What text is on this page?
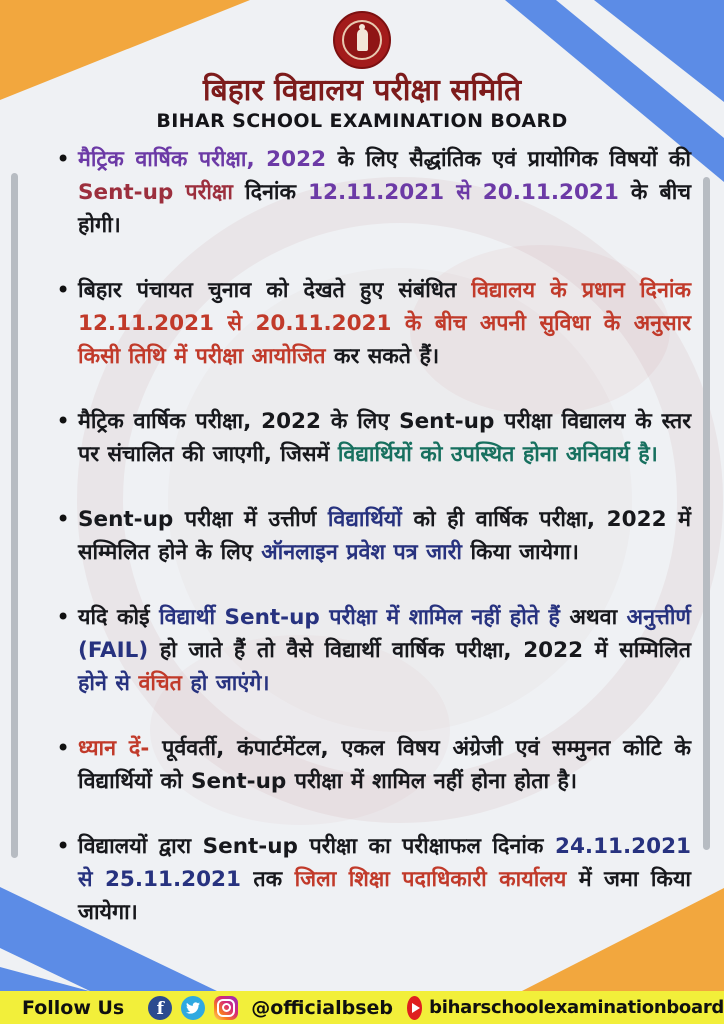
बिहार विद्यालय परीक्षा समिति
BIHAR SCHOOL EXAMINATION BOARD
• मैट्रिक वार्षिक परीक्षा, 2022 के लिए सैद्धांतिक एवं प्रायोगिक विषयों की Sent-up परीक्षा दिनांक 12.11.2021 से 20.11.2021 के बीच होगी।
• बिहार पंचायत चुनाव को देखते हुए संबंधित विद्यालय के प्रधान दिनांक 12.11.2021 से 20.11.2021 के बीच अपनी सुविधा के अनुसार किसी तिथि में परीक्षा आयोजित कर सकते हैं।
• मैट्रिक वार्षिक परीक्षा, 2022 के लिए Sent-up परीक्षा विद्यालय के स्तर पर संचालित की जाएगी, जिसमें विद्यार्थियों को उपस्थित होना अनिवार्य है।
• Sent-up परीक्षा में उत्तीर्ण विद्यार्थियों को ही वार्षिक परीक्षा, 2022 में सम्मिलित होने के लिए ऑनलाइन प्रवेश पत्र जारी किया जायेगा।
• यदि कोई विद्यार्थी Sent-up परीक्षा में शामिल नहीं होते हैं अथवा अनुत्तीर्ण (FAIL) हो जाते हैं तो वैसे विद्यार्थी वार्षिक परीक्षा, 2022 में सम्मिलित होने से वंचित हो जाएंगे।
• ध्यान दें- पूर्ववर्ती, कंपार्टमेंटल, एकल विषय अंग्रेजी एवं सम्मुनत कोटि के विद्यार्थियों को Sent-up परीक्षा में शामिल नहीं होना होता है।
• विद्यालयों द्वारा Sent-up परीक्षा का परीक्षाफल दिनांक 24.11.2021 से 25.11.2021 तक जिला शिक्षा पदाधिकारी कार्यालय में जमा किया जायेगा।
Follow Us	f	@officialbseb biharschoolexaminationboard
